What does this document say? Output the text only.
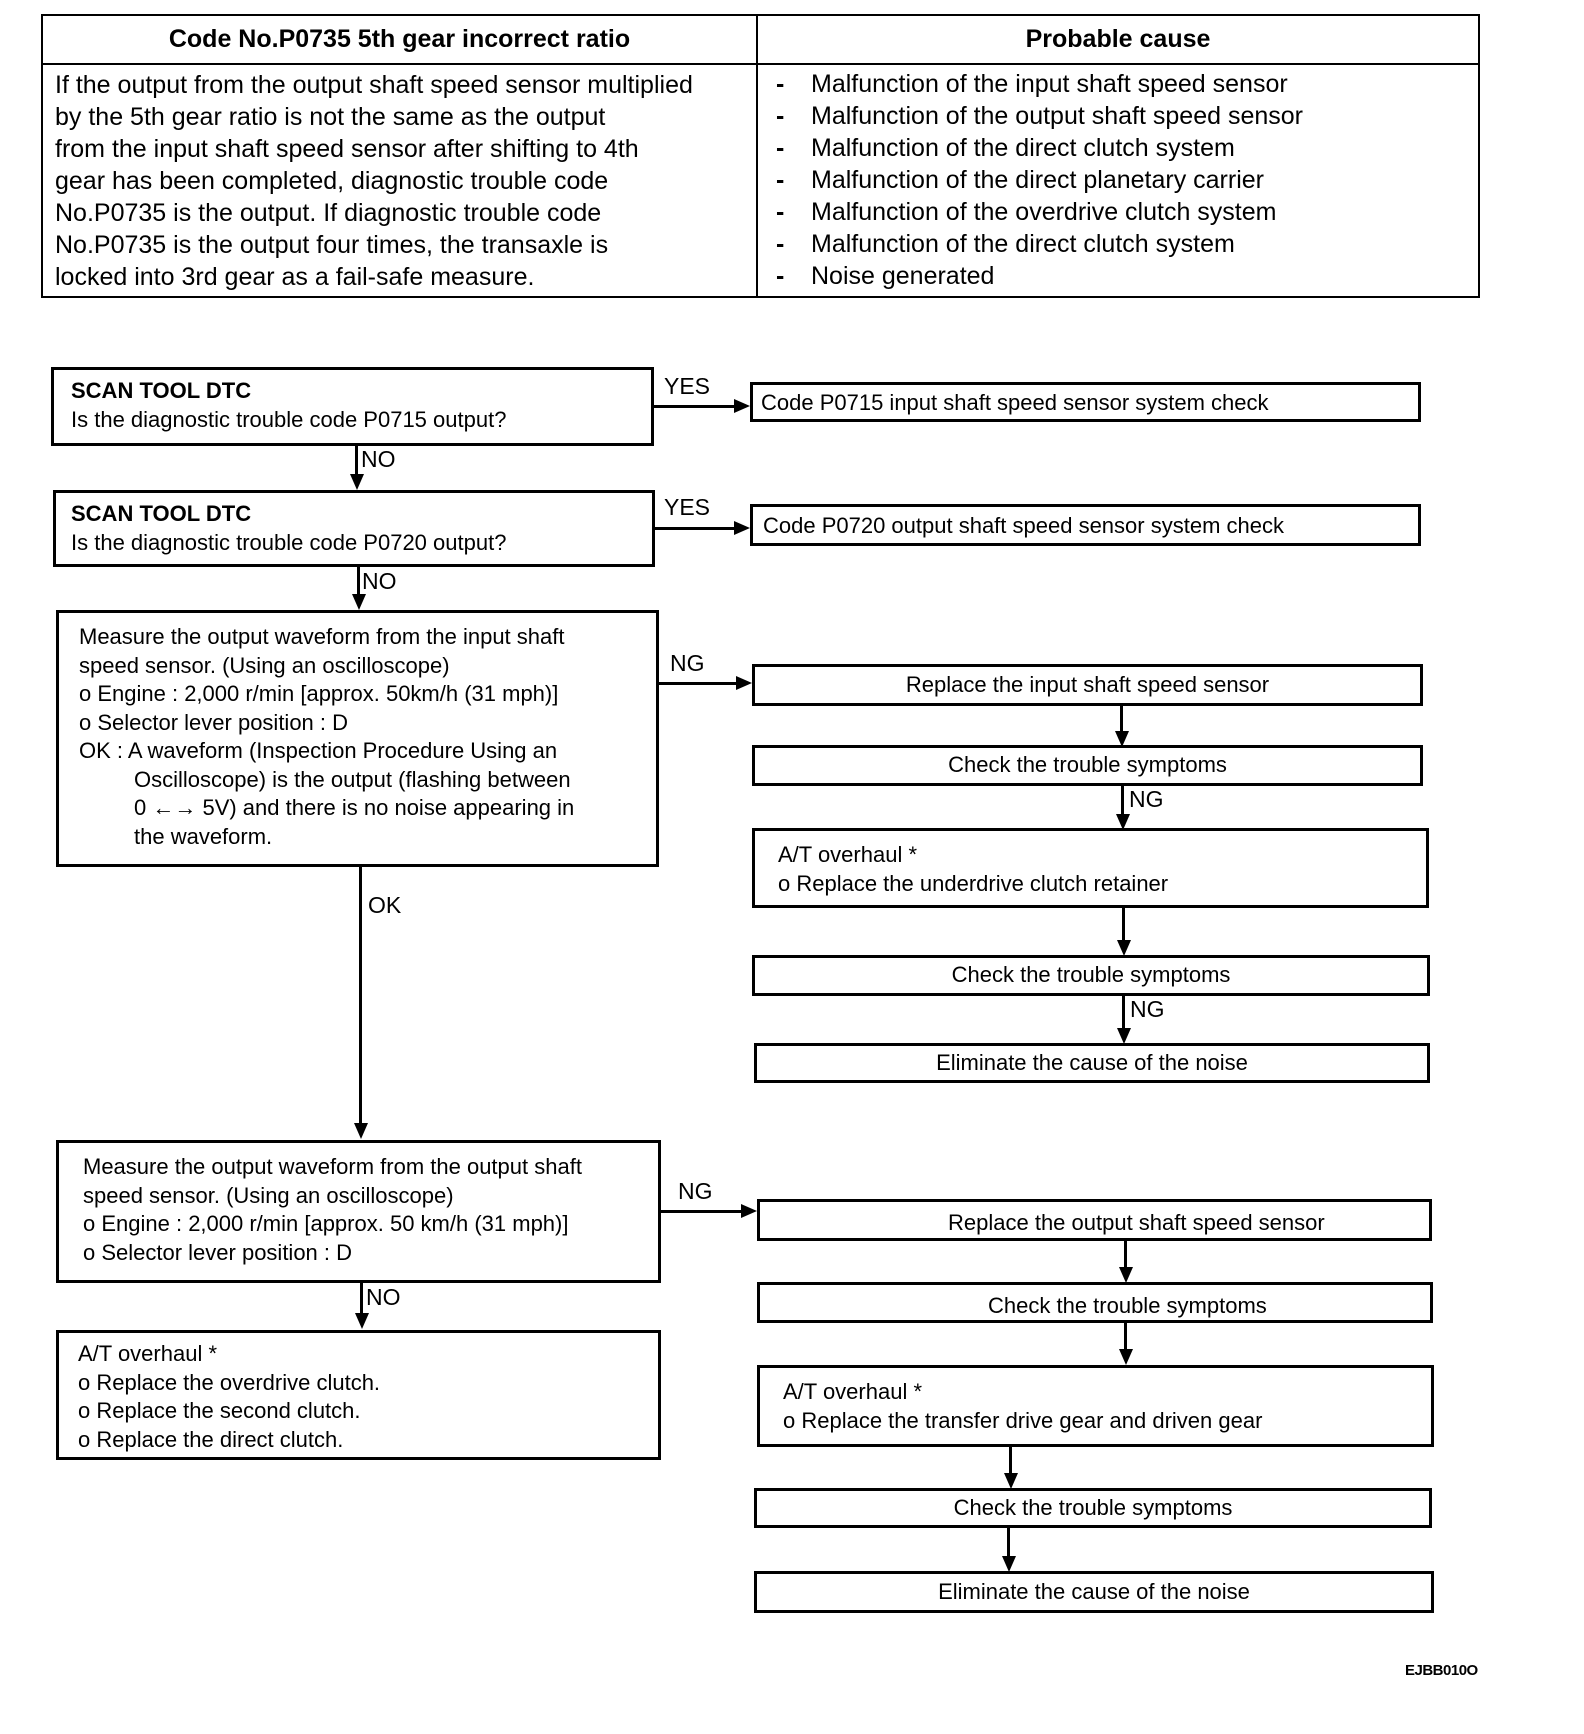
Code No.P0735 5th gear incorrect ratio	Probable cause
If the output from the output shaft speed sensor multiplied
by the 5th gear ratio is not the same as the output
from the input shaft speed sensor after shifting to 4th
gear has been completed, diagnostic trouble code
No.P0735 is the output. If diagnostic trouble code
No.P0735 is the output four times, the transaxle is
locked into 3rd gear as a fail-safe measure.
-	Malfunction of the input shaft speed sensor
-	Malfunction of the output shaft speed sensor
-	Malfunction of the direct clutch system
-	Malfunction of the direct planetary carrier
-	Malfunction of the overdrive clutch system
-	Malfunction of the direct clutch system
-	Noise generated
SCAN TOOL DTC
Is the diagnostic trouble code P0715 output?
YES
Code P0715 input shaft speed sensor system check
NO
SCAN TOOL DTC
Is the diagnostic trouble code P0720 output?
YES
Code P0720 output shaft speed sensor system check
NO
Measure the output waveform from the input shaft
speed sensor. (Using an oscilloscope)
o Engine : 2,000 r/min [approx. 50km/h (31 mph)]
o Selector lever position : D
OK : A waveform (Inspection Procedure Using an
Oscilloscope) is the output (flashing between
0 ←→ 5V) and there is no noise appearing in
the waveform.
NG
Replace the input shaft speed sensor
Check the trouble symptoms
NG
A/T overhaul *
o Replace the underdrive clutch retainer
Check the trouble symptoms
NG
Eliminate the cause of the noise
OK
Measure the output waveform from the output shaft
speed sensor. (Using an oscilloscope)
o Engine : 2,000 r/min [approx. 50 km/h (31 mph)]
o Selector lever position : D
NG
NO
Replace the output shaft speed sensor
Check the trouble symptoms
A/T overhaul *
o Replace the transfer drive gear and driven gear
Check the trouble symptoms
Eliminate the cause of the noise
A/T overhaul *
o Replace the overdrive clutch.
o Replace the second clutch.
o Replace the direct clutch.
EJBB010O
